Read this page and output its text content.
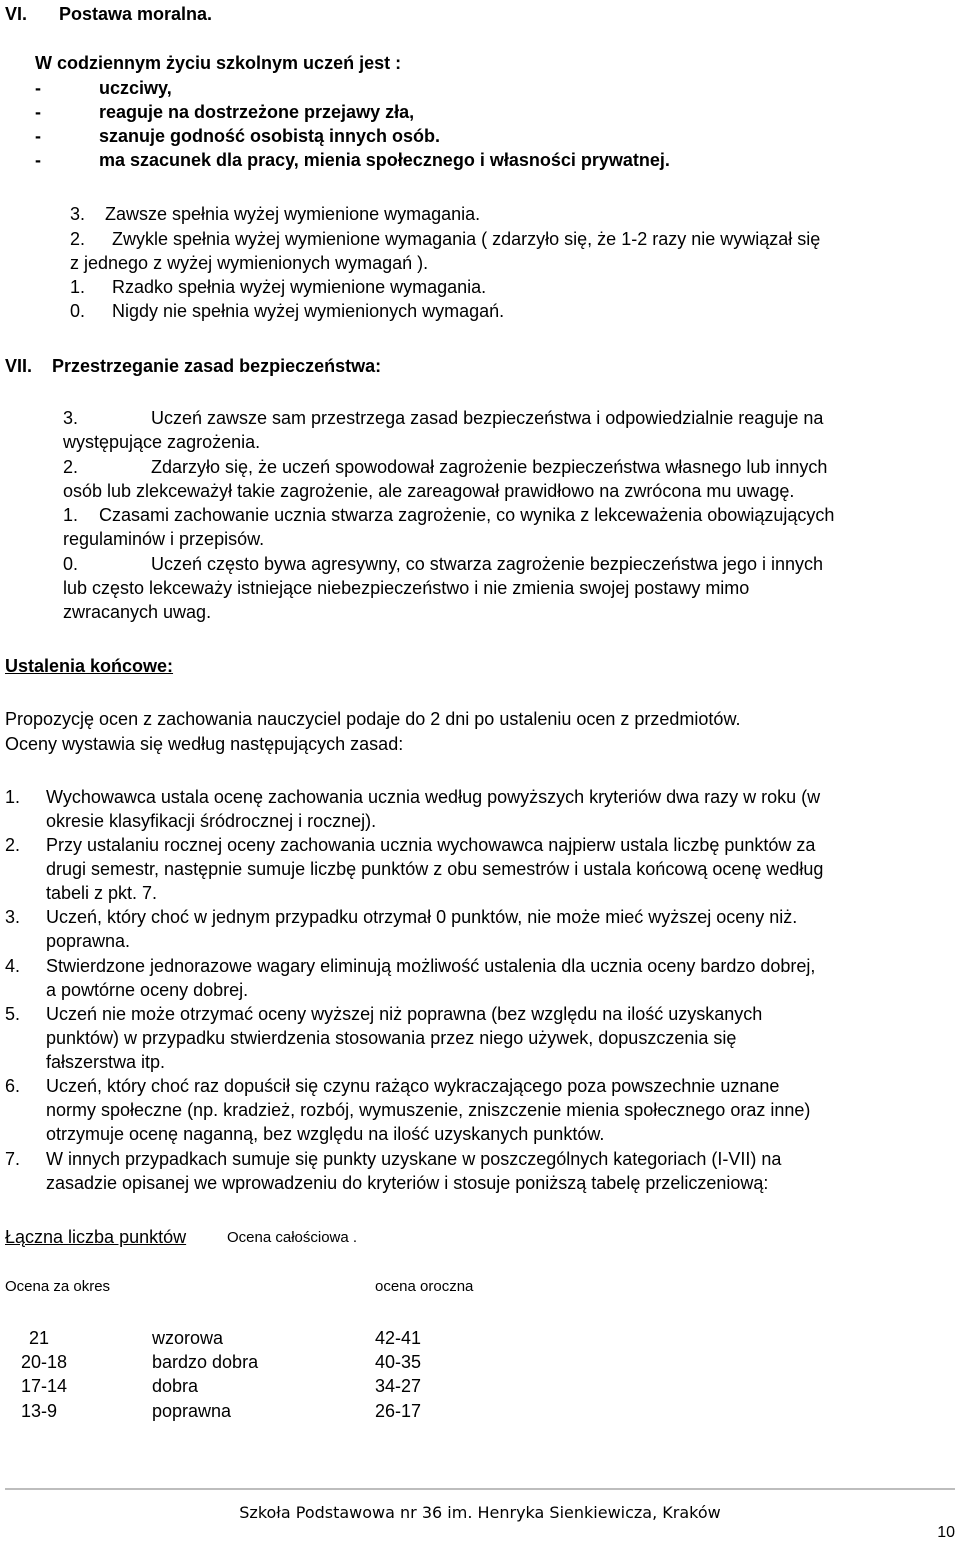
VI. Postawa moralna.
W codziennym życiu szkolnym uczeń jest :
-	uczciwy,
-	reaguje na dostrzeżone przejawy zła,
-	szanuje godność osobistą innych osób.
-	ma szacunek dla pracy, mienia społecznego i własności prywatnej.
3. Zawsze spełnia wyżej wymienione wymagania.
2. Zwykle spełnia wyżej wymienione wymagania ( zdarzyło się, że 1-2 razy nie wywiązał się
z jednego z wyżej wymienionych wymagań ).
1. Rzadko spełnia wyżej wymienione wymagania.
0. Nigdy nie spełnia wyżej wymienionych wymagań.
VII. Przestrzeganie zasad bezpieczeństwa:
3.	Uczeń zawsze sam przestrzega zasad bezpieczeństwa i odpowiedzialnie reaguje na
występujące zagrożenia.
2.	Zdarzyło się, że uczeń spowodował zagrożenie bezpieczeństwa własnego lub innych
osób lub zlekceważył takie zagrożenie, ale zareagował prawidłowo na zwrócona mu uwagę.
1. Czasami zachowanie ucznia stwarza zagrożenie, co wynika z lekceważenia obowiązujących
regulaminów i przepisów.
0.	Uczeń często bywa agresywny, co stwarza zagrożenie bezpieczeństwa jego i innych
lub często lekceważy istniejące niebezpieczeństwo i nie zmienia swojej postawy mimo
zwracanych uwag.
Ustalenia końcowe:
Propozycję ocen z zachowania nauczyciel podaje do 2 dni po ustaleniu ocen z przedmiotów.
Oceny wystawia się według następujących zasad:
1. Wychowawca ustala ocenę zachowania ucznia według powyższych kryteriów dwa razy w roku (w
okresie klasyfikacji śródrocznej i rocznej).
2. Przy ustalaniu rocznej oceny zachowania ucznia wychowawca najpierw ustala liczbę punktów za
drugi semestr, następnie sumuje liczbę punktów z obu semestrów i ustala końcową ocenę według
tabeli z pkt. 7.
3. Uczeń, który choć w jednym przypadku otrzymał 0 punktów, nie może mieć wyższej oceny niż.
poprawna.
4. Stwierdzone jednorazowe wagary eliminują możliwość ustalenia dla ucznia oceny bardzo dobrej,
a powtórne oceny dobrej.
5. Uczeń nie może otrzymać oceny wyższej niż poprawna (bez względu na ilość uzyskanych
punktów) w przypadku stwierdzenia stosowania przez niego używek, dopuszczenia się
fałszerstwa itp.
6. Uczeń, który choć raz dopuścił się czynu rażąco wykraczającego poza powszechnie uznane
normy społeczne (np. kradzież, rozbój, wymuszenie, zniszczenie mienia społecznego oraz inne)
otrzymuje ocenę naganną, bez względu na ilość uzyskanych punktów.
7. W innych przypadkach sumuje się punkty uzyskane w poszczególnych kategoriach (I-VII) na
zasadzie opisanej we wprowadzeniu do kryteriów i stosuje poniższą tabelę przeliczeniową:
Łączna liczba punktów	Ocena całościowa .
Ocena za okres	ocena oroczna
21	wzorowa	42-41
20-18	bardzo dobra	40-35
17-14	dobra	34-27
13-9	poprawna	26-17
Szkoła Podstawowa nr 36 im. Henryka Sienkiewicza, Kraków
10
